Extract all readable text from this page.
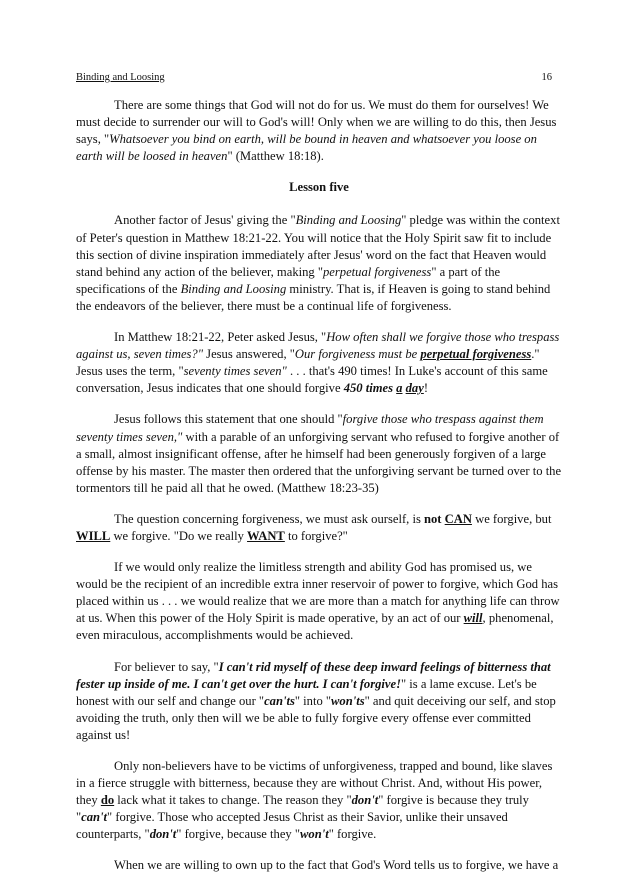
Binding and Loosing	16

There are some things that God will not do for us. We must do them for ourselves! We must decide to surrender our will to God's will! Only when we are willing to do this, then Jesus says, "Whatsoever you bind on earth, will be bound in heaven and whatsoever you loose on earth will be loosed in heaven" (Matthew 18:18).

Lesson five

Another factor of Jesus' giving the "Binding and Loosing" pledge was within the context of Peter's question in Matthew 18:21-22. You will notice that the Holy Spirit saw fit to include this section of divine inspiration immediately after Jesus' word on the fact that Heaven would stand behind any action of the believer, making "perpetual forgiveness" a part of the specifications of the Binding and Loosing ministry. That is, if Heaven is going to stand behind the endeavors of the believer, there must be a continual life of forgiveness.

In Matthew 18:21-22, Peter asked Jesus, "How often shall we forgive those who trespass against us, seven times?" Jesus answered, "Our forgiveness must be perpetual forgiveness." Jesus uses the term, "seventy times seven" . . . that's 490 times! In Luke's account of this same conversation, Jesus indicates that one should forgive 450 times a day!

Jesus follows this statement that one should "forgive those who trespass against them seventy times seven," with a parable of an unforgiving servant who refused to forgive another of a small, almost insignificant offense, after he himself had been generously forgiven of a large offense by his master. The master then ordered that the unforgiving servant be turned over to the tormentors till he paid all that he owed. (Matthew 18:23-35)

The question concerning forgiveness, we must ask ourself, is not CAN we forgive, but WILL we forgive. "Do we really WANT to forgive?"

If we would only realize the limitless strength and ability God has promised us, we would be the recipient of an incredible extra inner reservoir of power to forgive, which God has placed within us . . . we would realize that we are more than a match for anything life can throw at us. When this power of the Holy Spirit is made operative, by an act of our will, phenomenal, even miraculous, accomplishments would be achieved.

For believer to say, "I can't rid myself of these deep inward feelings of bitterness that fester up inside of me. I can't get over the hurt. I can't forgive!" is a lame excuse. Let's be honest with our self and change our "can'ts" into "won'ts" and quit deceiving our self, and stop avoiding the truth, only then will we be able to fully forgive every offense ever committed against us!

Only non-believers have to be victims of unforgiveness, trapped and bound, like slaves in a fierce struggle with bitterness, because they are without Christ. And, without His power, they do lack what it takes to change. The reason they "don't" forgive is because they truly "can't" forgive. Those who accepted Jesus Christ as their Savior, unlike their unsaved counterparts, "don't" forgive, because they "won't" forgive.

When we are willing to own up to the fact that God's Word tells us to forgive, we have a
